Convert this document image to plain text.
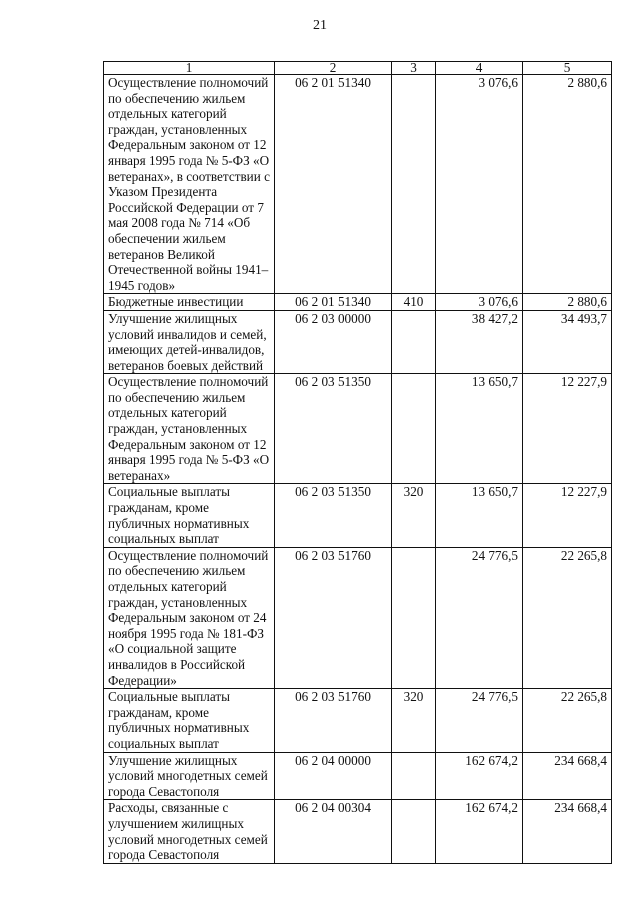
21
1	2	3	4	5
Осуществление полномочий по обеспечению жильем отдельных категорий граждан, установленных Федеральным законом от 12 января 1995 года № 5-ФЗ «О ветеранах», в соответствии с Указом Президента Российской Федерации от 7 мая 2008 года № 714 «Об обеспечении жильем ветеранов Великой Отечественной войны 1941–1945 годов»	06 2 01 51340		3 076,6	2 880,6
Бюджетные инвестиции	06 2 01 51340	410	3 076,6	2 880,6
Улучшение жилищных условий инвалидов и семей, имеющих детей-инвалидов, ветеранов боевых действий	06 2 03 00000		38 427,2	34 493,7
Осуществление полномочий по обеспечению жильем отдельных категорий граждан, установленных Федеральным законом от 12 января 1995 года № 5-ФЗ «О ветеранах»	06 2 03 51350		13 650,7	12 227,9
Социальные выплаты гражданам, кроме публичных нормативных социальных выплат	06 2 03 51350	320	13 650,7	12 227,9
Осуществление полномочий по обеспечению жильем отдельных категорий граждан, установленных Федеральным законом от 24 ноября 1995 года № 181-ФЗ «О социальной защите инвалидов в Российской Федерации»	06 2 03 51760		24 776,5	22 265,8
Социальные выплаты гражданам, кроме публичных нормативных социальных выплат	06 2 03 51760	320	24 776,5	22 265,8
Улучшение жилищных условий многодетных семей города Севастополя	06 2 04 00000		162 674,2	234 668,4
Расходы, связанные с улучшением жилищных условий многодетных семей города Севастополя	06 2 04 00304		162 674,2	234 668,4
